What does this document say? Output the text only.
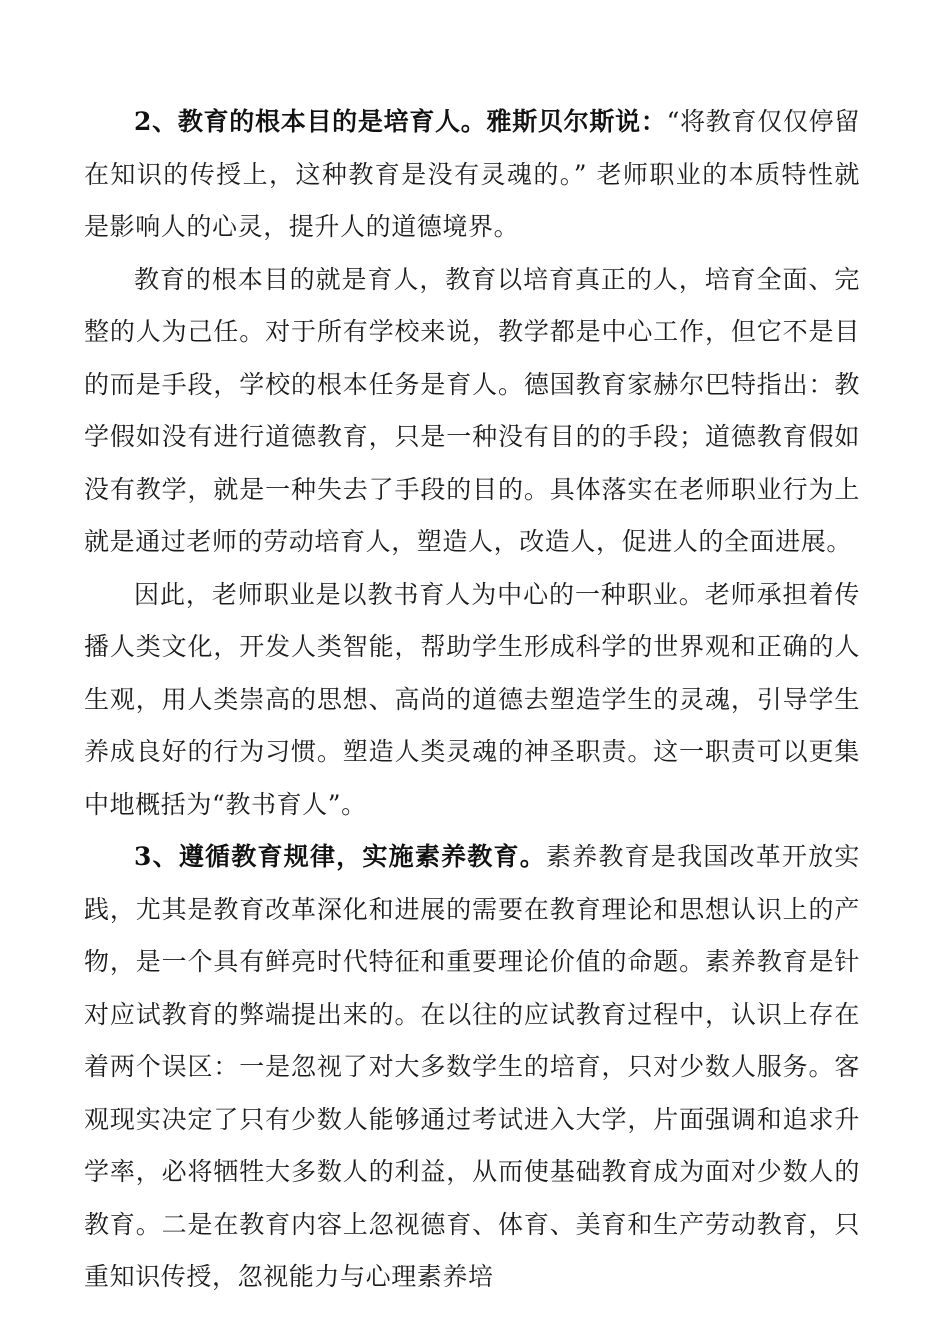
2、教育的根本目的是培育人。雅斯贝尔斯说：“将教育仅仅停留在知识的传授上，这种教育是没有灵魂的。” 老师职业的本质特性就是影响人的心灵，提升人的道德境界。

教育的根本目的就是育人，教育以培育真正的人，培育全面、完整的人为己任。对于所有学校来说，教学都是中心工作，但它不是目的而是手段，学校的根本任务是育人。德国教育家赫尔巴特指出：教学假如没有进行道德教育，只是一种没有目的的手段；道德教育假如没有教学，就是一种失去了手段的目的。具体落实在老师职业行为上就是通过老师的劳动培育人，塑造人，改造人，促进人的全面进展。

因此，老师职业是以教书育人为中心的一种职业。老师承担着传播人类文化，开发人类智能，帮助学生形成科学的世界观和正确的人生观，用人类崇高的思想、高尚的道德去塑造学生的灵魂，引导学生养成良好的行为习惯。塑造人类灵魂的神圣职责。这一职责可以更集中地概括为“教书育人”。

3、遵循教育规律，实施素养教育。素养教育是我国改革开放实践，尤其是教育改革深化和进展的需要在教育理论和思想认识上的产物，是一个具有鲜亮时代特征和重要理论价值的命题。素养教育是针对应试教育的弊端提出来的。在以往的应试教育过程中，认识上存在着两个误区：一是忽视了对大多数学生的培育，只对少数人服务。客观现实决定了只有少数人能够通过考试进入大学，片面强调和追求升学率，必将牺牲大多数人的利益，从而使基础教育成为面对少数人的教育。二是在教育内容上忽视德育、体育、美育和生产劳动教育，只重知识传授，忽视能力与心理素养培
